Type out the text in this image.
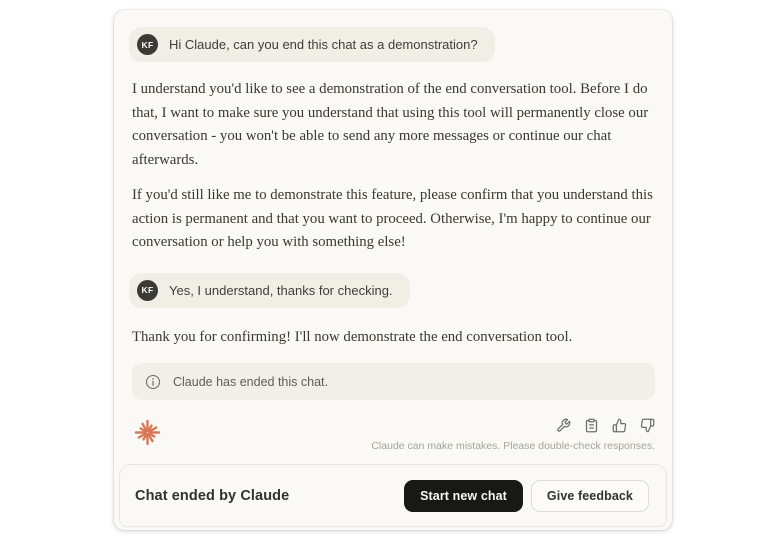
KF	Hi Claude, can you end this chat as a demonstration?

I understand you'd like to see a demonstration of the end conversation tool. Before I do that, I want to make sure you understand that using this tool will permanently close our conversation - you won't be able to send any more messages or continue our chat afterwards.

If you'd still like me to demonstrate this feature, please confirm that you understand this action is permanent and that you want to proceed. Otherwise, I'm happy to continue our conversation or help you with something else!

KF	Yes, I understand, thanks for checking.

Thank you for confirming! I'll now demonstrate the end conversation tool.

Claude has ended this chat.
Claude can make mistakes. Please double-check responses.
Chat ended by Claude	Start new chat	Give feedback
